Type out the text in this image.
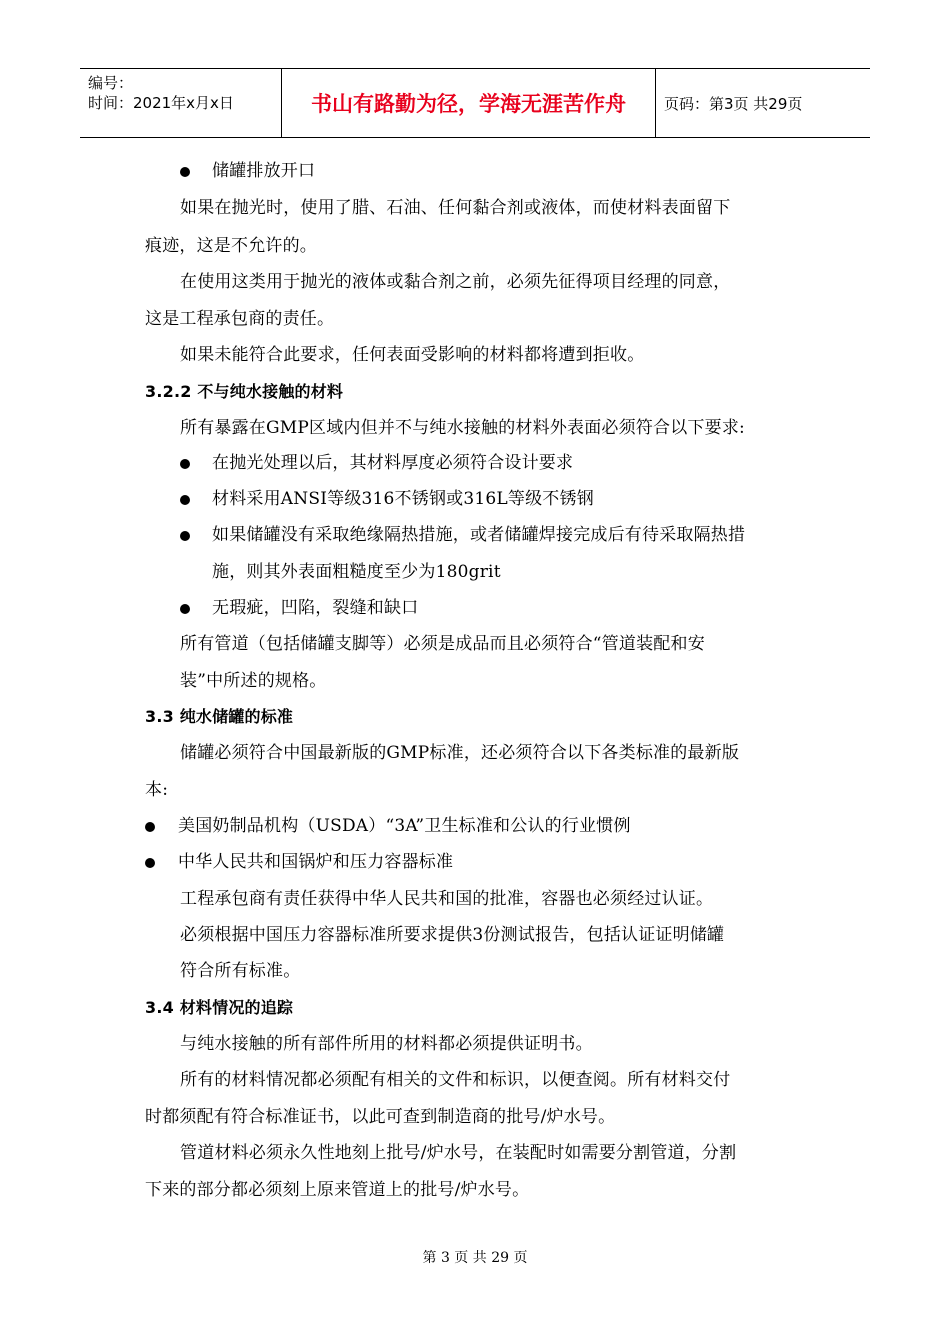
编号：
时间：2021年x月x日	书山有路勤为径，学海无涯苦作舟	页码：第3页 共29页
储罐排放开口
如果在抛光时，使用了腊、石油、任何黏合剂或液体，而使材料表面留下
痕迹，这是不允许的。
在使用这类用于抛光的液体或黏合剂之前，必须先征得项目经理的同意，
这是工程承包商的责任。
如果未能符合此要求，任何表面受影响的材料都将遭到拒收。
3.2.2 不与纯水接触的材料
所有暴露在GMP区域内但并不与纯水接触的材料外表面必须符合以下要求:
在抛光处理以后，其材料厚度必须符合设计要求
材料采用ANSI等级316不锈钢或316L等级不锈钢
如果储罐没有采取绝缘隔热措施，或者储罐焊接完成后有待采取隔热措
施，则其外表面粗糙度至少为180grit
无瑕疵，凹陷，裂缝和缺口
所有管道（包括储罐支脚等）必须是成品而且必须符合“管道装配和安
装”中所述的规格。
3.3 纯水储罐的标准
储罐必须符合中国最新版的GMP标准，还必须符合以下各类标准的最新版
本:
美国奶制品机构（USDA）“3A”卫生标准和公认的行业惯例
中华人民共和国锅炉和压力容器标准
工程承包商有责任获得中华人民共和国的批准，容器也必须经过认证。
必须根据中国压力容器标准所要求提供3份测试报告，包括认证证明储罐
符合所有标准。
3.4 材料情况的追踪
与纯水接触的所有部件所用的材料都必须提供证明书。
所有的材料情况都必须配有相关的文件和标识，以便查阅。所有材料交付
时都须配有符合标准证书，以此可查到制造商的批号/炉水号。
管道材料必须永久性地刻上批号/炉水号，在装配时如需要分割管道，分割
下来的部分都必须刻上原来管道上的批号/炉水号。
第 3 页 共 29 页
